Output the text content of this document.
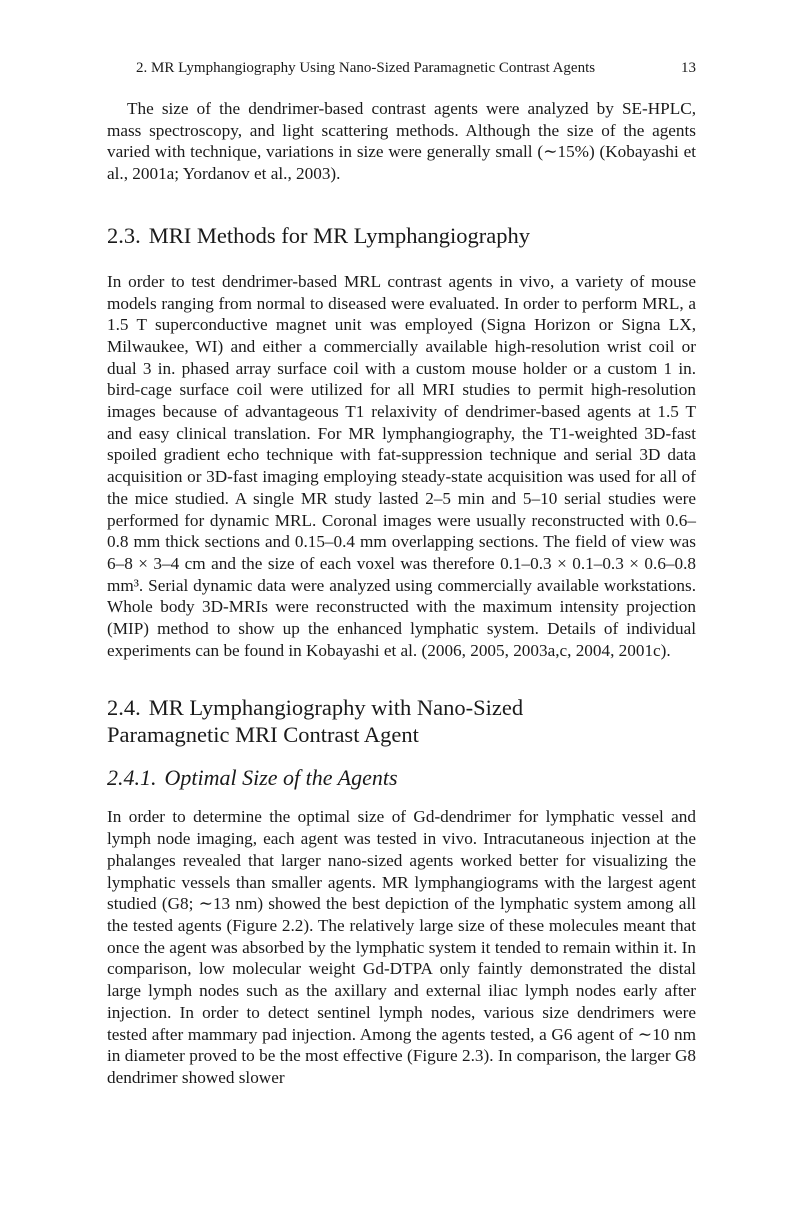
2. MR Lymphangiography Using Nano-Sized Paramagnetic Contrast Agents	13

The size of the dendrimer-based contrast agents were analyzed by SE-HPLC, mass spectroscopy, and light scattering methods. Although the size of the agents varied with technique, variations in size were generally small (∼15%) (Kobayashi et al., 2001a; Yordanov et al., 2003).

2.3. MRI Methods for MR Lymphangiography

In order to test dendrimer-based MRL contrast agents in vivo, a variety of mouse models ranging from normal to diseased were evaluated. In order to perform MRL, a 1.5 T superconductive magnet unit was employed (Signa Horizon or Signa LX, Milwaukee, WI) and either a commercially available high-resolution wrist coil or dual 3 in. phased array surface coil with a custom mouse holder or a custom 1 in. bird-cage surface coil were utilized for all MRI studies to permit high-resolution images because of advantageous T1 relaxivity of dendrimer-based agents at 1.5 T and easy clinical translation. For MR lymphangiography, the T1-weighted 3D-fast spoiled gradient echo technique with fat-suppression technique and serial 3D data acquisition or 3D-fast imaging employing steady-state acquisition was used for all of the mice studied. A single MR study lasted 2–5 min and 5–10 serial studies were performed for dynamic MRL. Coronal images were usually reconstructed with 0.6–0.8 mm thick sections and 0.15–0.4 mm overlapping sections. The field of view was 6–8 × 3–4 cm and the size of each voxel was therefore 0.1–0.3 × 0.1–0.3 × 0.6–0.8 mm³. Serial dynamic data were analyzed using commercially available workstations. Whole body 3D-MRIs were reconstructed with the maximum intensity projection (MIP) method to show up the enhanced lymphatic system. Details of individual experiments can be found in Kobayashi et al. (2006, 2005, 2003a,c, 2004, 2001c).

2.4. MR Lymphangiography with Nano-Sized
Paramagnetic MRI Contrast Agent
2.4.1. Optimal Size of the Agents

In order to determine the optimal size of Gd-dendrimer for lymphatic vessel and lymph node imaging, each agent was tested in vivo. Intracutaneous injection at the phalanges revealed that larger nano-sized agents worked better for visualizing the lymphatic vessels than smaller agents. MR lymphangiograms with the largest agent studied (G8; ∼13 nm) showed the best depiction of the lymphatic system among all the tested agents (Figure 2.2). The relatively large size of these molecules meant that once the agent was absorbed by the lymphatic system it tended to remain within it. In comparison, low molecular weight Gd-DTPA only faintly demonstrated the distal large lymph nodes such as the axillary and external iliac lymph nodes early after injection. In order to detect sentinel lymph nodes, various size dendrimers were tested after mammary pad injection. Among the agents tested, a G6 agent of ∼10 nm in diameter proved to be the most effective (Figure 2.3). In comparison, the larger G8 dendrimer showed slower
